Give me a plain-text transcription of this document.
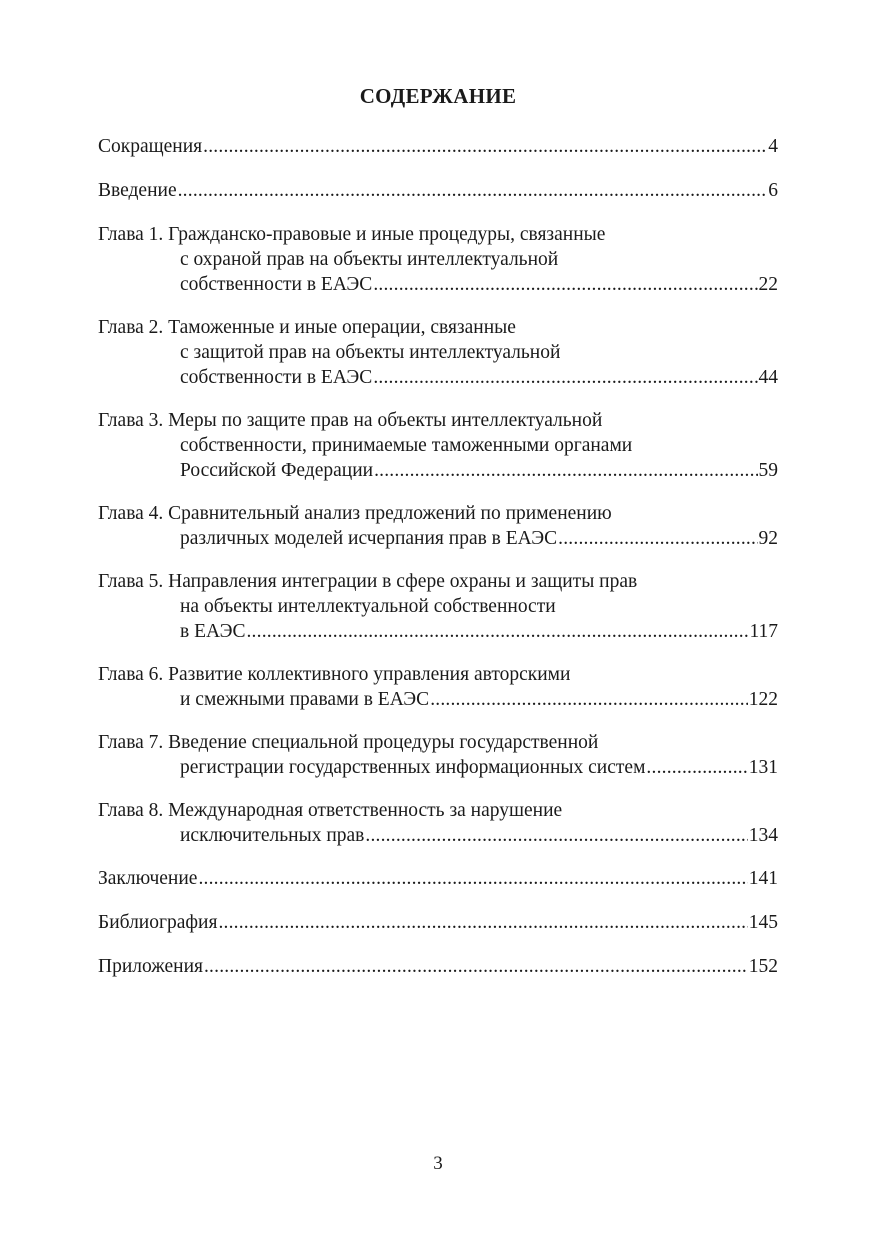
СОДЕРЖАНИЕ
Сокращения .....	4
Введение .....	6
Глава 1. Гражданско-правовые и иные процедуры, связанные
с охраной прав на объекты интеллектуальной
собственности в ЕАЭС .....	22
Глава 2. Таможенные и иные операции, связанные
с защитой прав на объекты интеллектуальной
собственности в ЕАЭС .....	44
Глава 3. Меры по защите прав на объекты интеллектуальной
собственности, принимаемые таможенными органами
Российской Федерации .....	59
Глава 4. Сравнительный анализ предложений по применению
различных моделей исчерпания прав в ЕАЭС .....	92
Глава 5. Направления интеграции в сфере охраны и защиты прав
на объекты интеллектуальной собственности
в ЕАЭС .....	117
Глава 6. Развитие коллективного управления авторскими
и смежными правами в ЕАЭС .....	122
Глава 7. Введение специальной процедуры государственной
регистрации государственных информационных систем .....	131
Глава 8. Международная ответственность за нарушение
исключительных прав .....	134
Заключение .....	141
Библиография .....	145
Приложения .....	152
3
